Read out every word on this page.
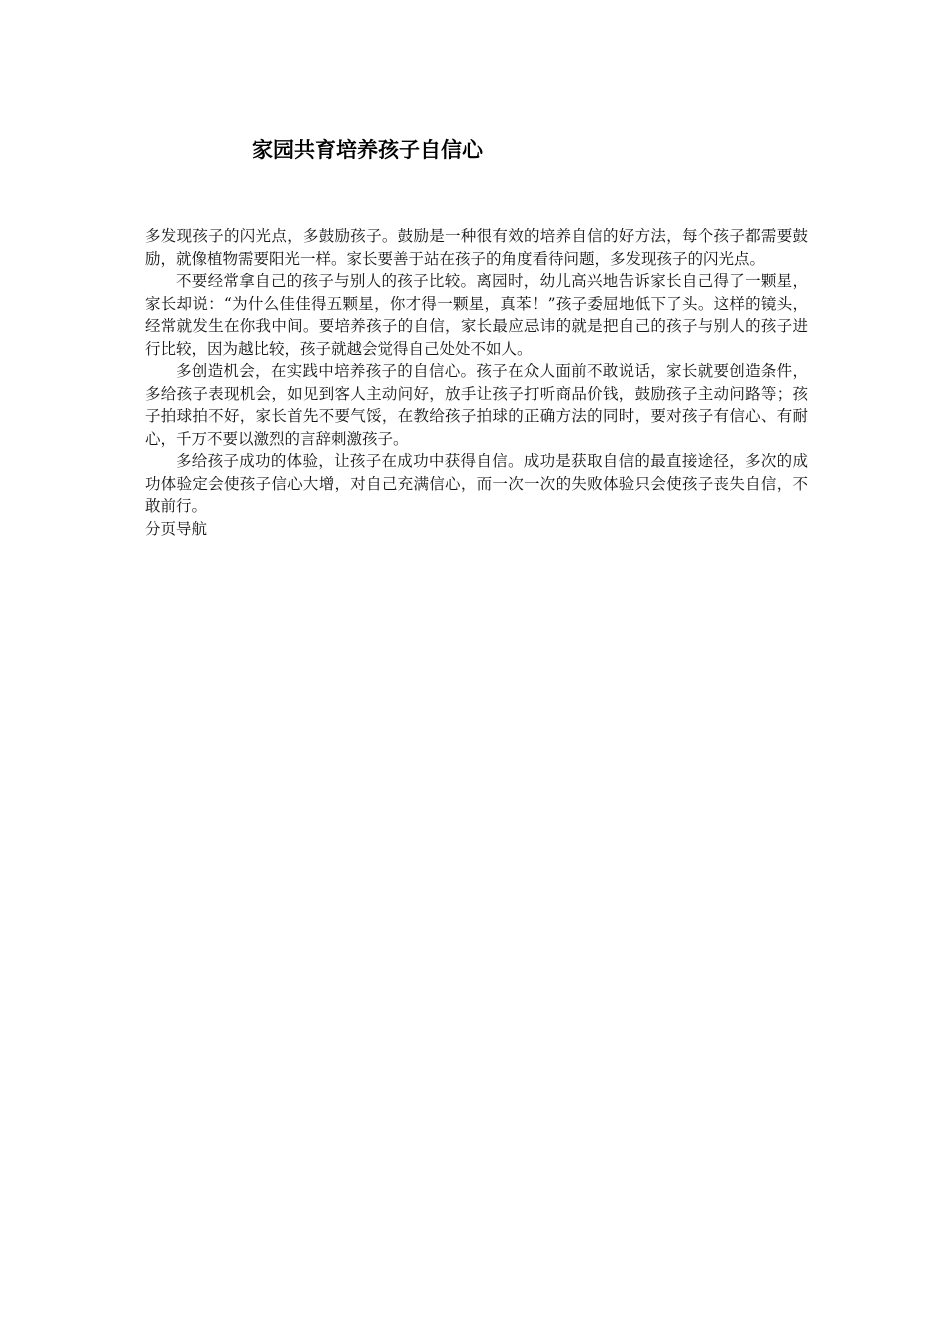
家园共育培养孩子自信心

多发现孩子的闪光点，多鼓励孩子。鼓励是一种很有效的培养自信的好方法，每个孩子都需要鼓励，就像植物需要阳光一样。家长要善于站在孩子的角度看待问题，多发现孩子的闪光点。

不要经常拿自己的孩子与别人的孩子比较。离园时，幼儿高兴地告诉家长自己得了一颗星，家长却说：“为什么佳佳得五颗星，你才得一颗星，真苯！”孩子委屈地低下了头。这样的镜头，经常就发生在你我中间。要培养孩子的自信，家长最应忌讳的就是把自己的孩子与别人的孩子进行比较，因为越比较，孩子就越会觉得自己处处不如人。

多创造机会，在实践中培养孩子的自信心。孩子在众人面前不敢说话，家长就要创造条件，多给孩子表现机会，如见到客人主动问好，放手让孩子打听商品价钱，鼓励孩子主动问路等；孩子拍球拍不好，家长首先不要气馁，在教给孩子拍球的正确方法的同时，要对孩子有信心、有耐心，千万不要以激烈的言辞刺激孩子。

多给孩子成功的体验，让孩子在成功中获得自信。成功是获取自信的最直接途径，多次的成功体验定会使孩子信心大增，对自己充满信心，而一次一次的失败体验只会使孩子丧失自信，不敢前行。

分页导航
